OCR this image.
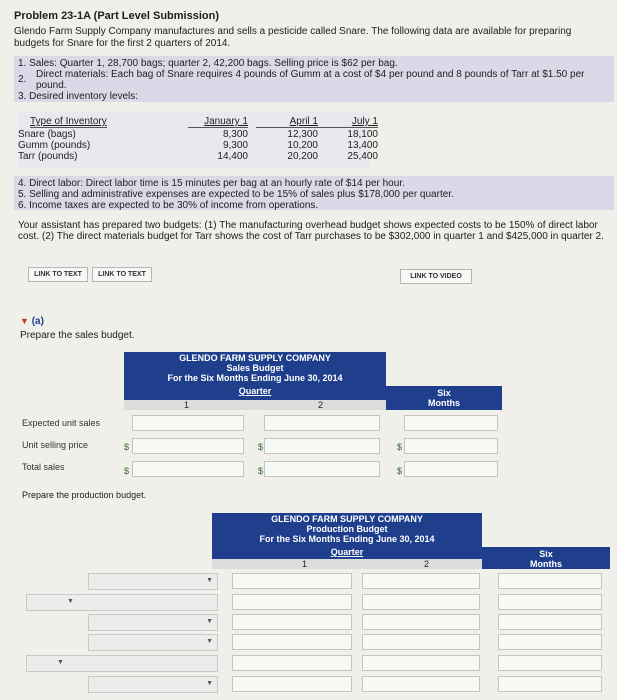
Problem 23-1A (Part Level Submission)
Glendo Farm Supply Company manufactures and sells a pesticide called Snare. The following data are available for preparing budgets for Snare for the first 2 quarters of 2014.
1. Sales: Quarter 1, 28,700 bags; quarter 2, 42,200 bags. Selling price is $62 per bag.
2. Direct materials: Each bag of Snare requires 4 pounds of Gumm at a cost of $4 per pound and 8 pounds of Tarr at $1.50 per
pound.
3. Desired inventory levels:
Type of Inventory	January 1	April 1	July 1
Snare (bags)	8,300	12,300	18,100
Gumm (pounds)	9,300	10,200	13,400
Tarr (pounds)	14,400	20,200	25,400
4. Direct labor: Direct labor time is 15 minutes per bag at an hourly rate of $14 per hour.
5. Selling and administrative expenses are expected to be 15% of sales plus $178,000 per quarter.
6. Income taxes are expected to be 30% of income from operations.
Your assistant has prepared two budgets: (1) The manufacturing overhead budget shows expected costs to be 150% of direct labor cost. (2) The direct materials budget for Tarr shows the cost of Tarr purchases to be $302,000 in quarter 1 and $425,000 in quarter 2.
LINK TO TEXT	LINK TO TEXT	LINK TO VIDEO
▼ (a)
Prepare the sales budget.
GLENDO FARM SUPPLY COMPANY
Sales Budget
For the Six Months Ending June 30, 2014
Quarter
1	2
Six Months
Expected unit sales
Unit selling price	$	$	$
Total sales	$	$	$
Prepare the production budget.
GLENDO FARM SUPPLY COMPANY
Production Budget
For the Six Months Ending June 30, 2014
Quarter
1	2
Six Months
▼
▼
▼
▼
▼
▼
